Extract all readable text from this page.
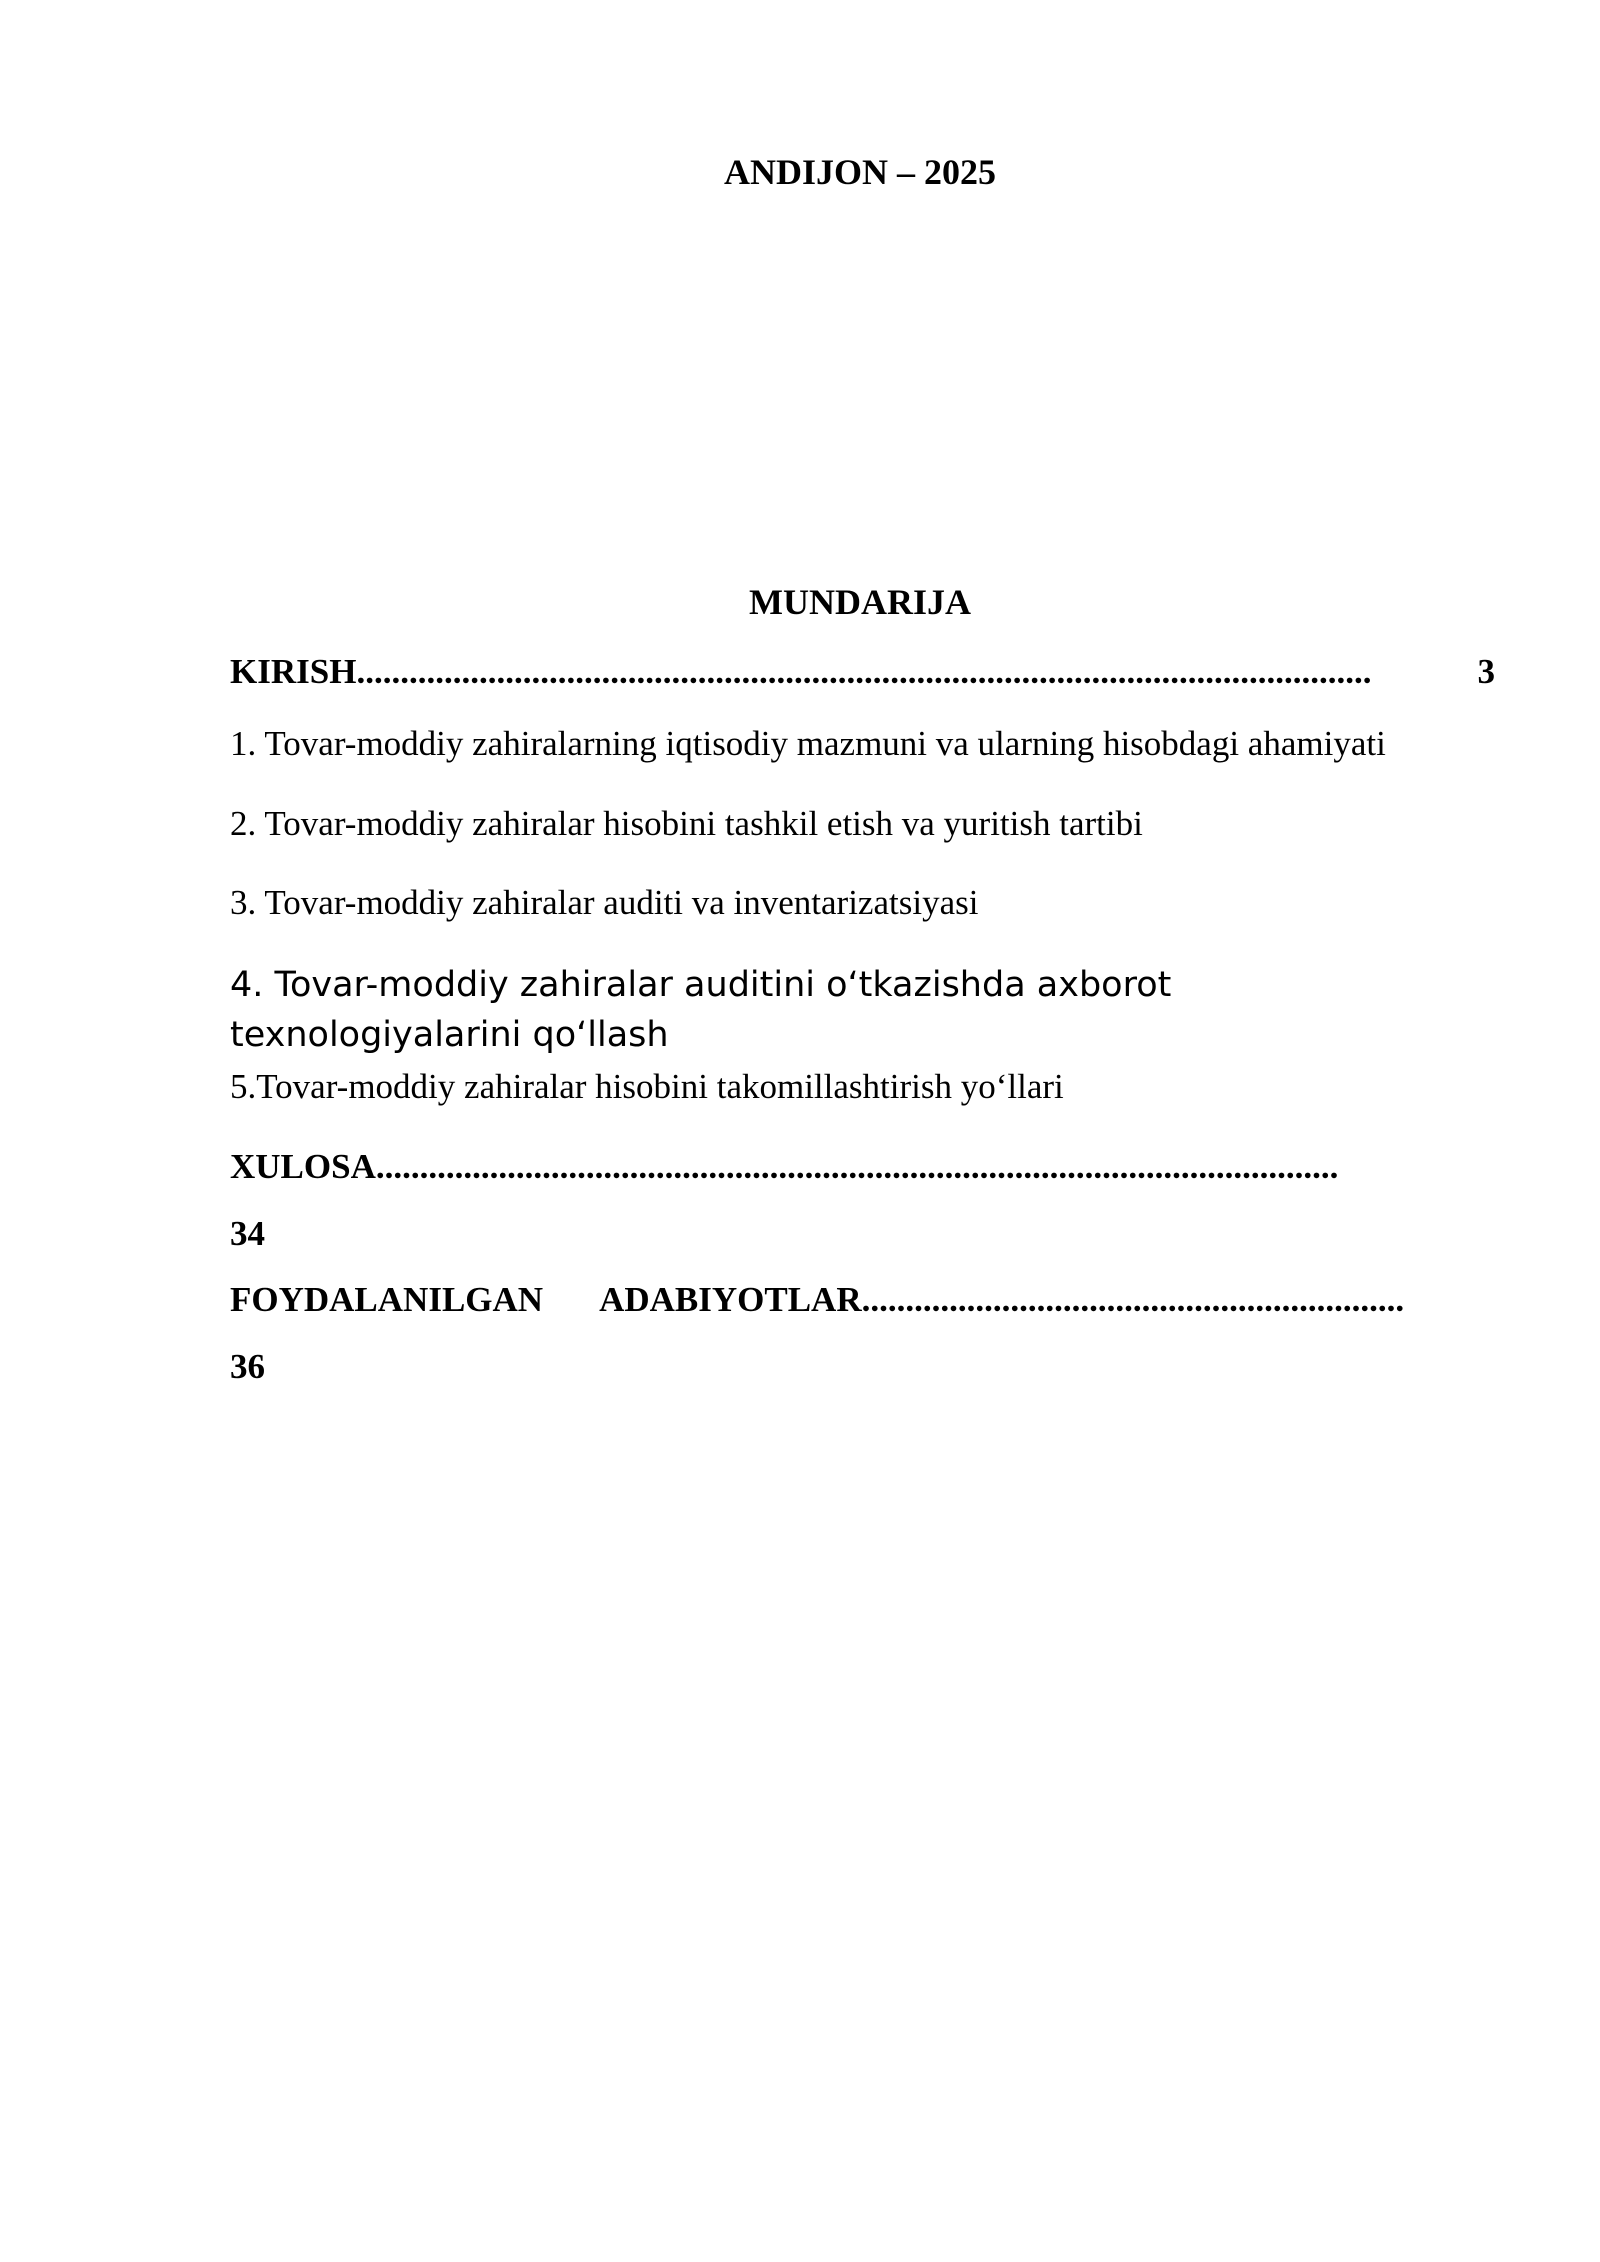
ANDIJON – 2025
MUNDARIJA
KIRISH ....................................................................................................................	3
1. Tovar-moddiy zahiralarning iqtisodiy mazmuni va ularning hisobdagi ahamiyati
2. Tovar-moddiy zahiralar hisobini tashkil etish va yuritish tartibi
3. Tovar-moddiy zahiralar auditi va inventarizatsiyasi
4. Tovar-moddiy zahiralar auditini o‘tkazishda axborot texnologiyalarini qo‘llash
5.Tovar-moddiy zahiralar hisobini takomillashtirish yo‘llari
XULOSA ..............................................................................................................
34
FOYDALANILGAN ADABIYOTLAR ..............................................................
36
